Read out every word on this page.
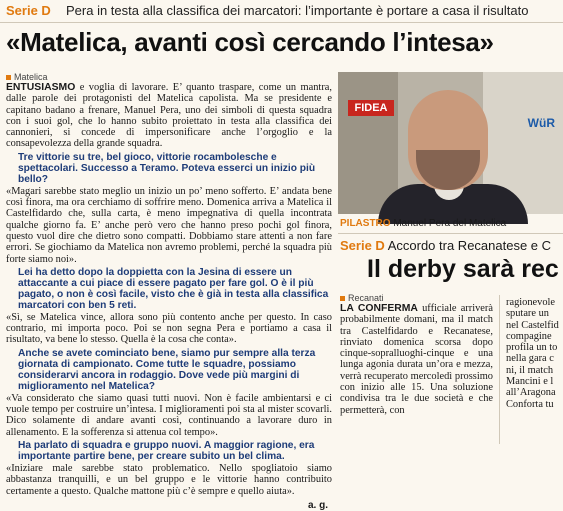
Serie D Pera in testa alla classifica dei marcatori: l’importante è portare a casa il risultato
«Matelica, avanti così cercando l’intesa»
Matelica

ENTUSIASMO e voglia di lavorare. E’ quanto traspare, come un mantra, dalle parole dei protagonisti del Matelica capolista. Ma se presidente e capitano badano a frenare, Manuel Pera, uno dei simboli di questa squadra con i suoi gol, che lo hanno subito proiettato in testa alla classifica dei cannonieri, si concede di impersonificare anche l’orgoglio e la consapevolezza della grande squadra.

Tre vittorie su tre, bel gioco, vittorie rocambolesche e spettacolari. Successo a Teramo. Poteva esserci un inizio più bello?

«Magari sarebbe stato meglio un inizio un po’ meno sofferto. E’ andata bene così finora, ma ora cerchiamo di soffrire meno. Domenica arriva a Matelica il Castelfidardo che, sulla carta, è meno impegnativa di quella incontrata qualche giorno fa. E’ anche però vero che hanno preso pochi gol finora, questo vuol dire che dietro sono compatti. Dobbiamo stare attenti a non fare errori. Se giochiamo da Matelica non avremo problemi, perché la squadra più forte siamo noi».

Lei ha detto dopo la doppietta con la Jesina di essere un attaccante a cui piace di essere pagato per fare gol. O è il più pagato, o non è così facile, visto che è già in testa alla classifica marcatori con ben 5 reti.

«Sì, se Matelica vince, allora sono più contento anche per questo. In caso contrario, mi importa poco. Poi se non segna Pera e portiamo a casa il risultato, va bene lo stesso. Quella è la cosa che conta».

Anche se avete cominciato bene, siamo pur sempre alla terza giornata di campionato. Come tutte le squadre, possiamo considerarvi ancora in rodaggio. Dove vede più margini di miglioramento nel Matelica?

«Va considerato che siamo quasi tutti nuovi. Non è facile ambientarsi e ci vuole tempo per costruire un’intesa. I miglioramenti poi sta al mister scovarli. Dico solamente di andare avanti così, continuando a lavorare duro in allenamento. E la sofferenza si attenua col tempo».

Ha parlato di squadra e gruppo nuovi. A maggior ragione, era importante partire bene, per creare subito un bel clima.

«Iniziare male sarebbe stato problematico. Nello spogliatoio siamo abbastanza tranquilli, e un bel gruppo e le vittorie hanno contribuito certamente a questo. Qualche mattone più c’è sempre e quello aiuta».

a. g.
FIDEA
WüR
PILASTRO Manuel Pera del Matelica
Serie D Accordo tra Recanatese e C
Il derby sarà rec
Recanati

LA CONFERMA ufficiale arriverà probabilmente domani, ma il match tra Castelfidardo e Recanatese, rinviato domenica scorsa dopo cinque-sopralluoghi-cinque e una lunga agonia durata un’ora e mezza, verrà recuperato mercoledì prossimo con inizio alle 15. Una soluzione condivisa tra le due società e che permetterà, con

ragionevole
sputare un
nel Castelfid
compagine
profila un to
nella gara c
ni, il match
Mancini e l
all’Aragona
Conforta tu
